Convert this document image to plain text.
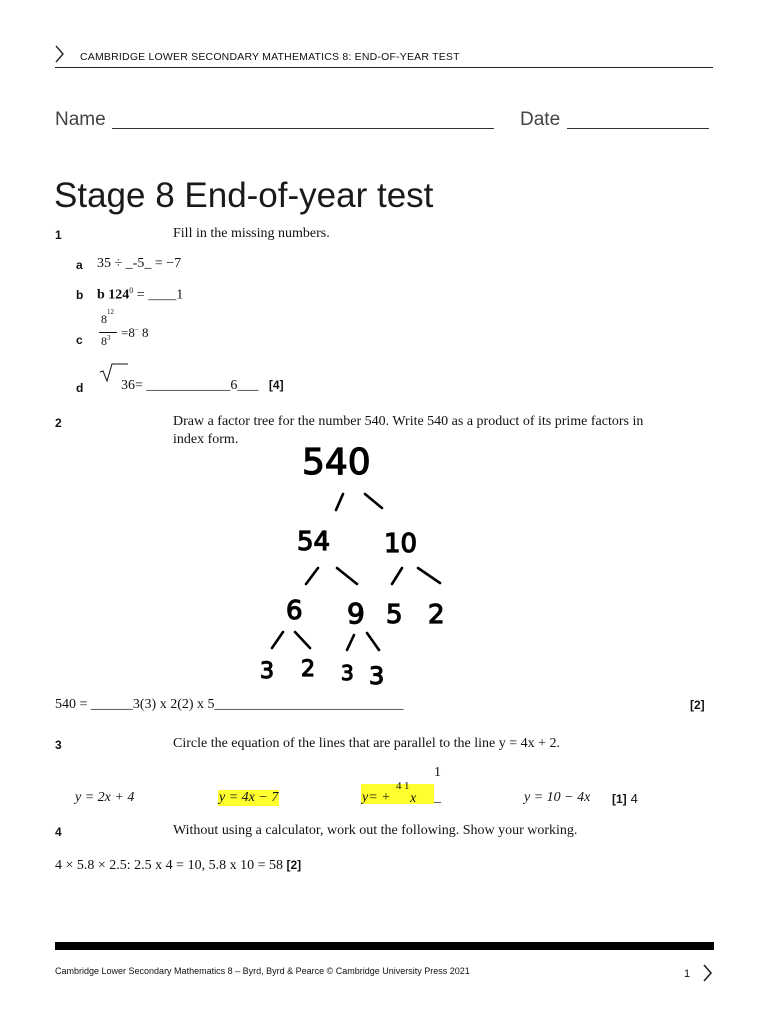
CAMBRIDGE LOWER SECONDARY MATHEMATICS 8: END-OF-YEAR TEST
Name	Date
Stage 8 End-of-year test
1	Fill in the missing numbers.
a 35 ÷ _-5_ = −7
b b $124^0$ = ____1
c
$8^{12}$
$8^3 =8^-$ 8
d	36= ____________6___ [4]
2	Draw a factor tree for the number 540. Write 540 as a product of its prime factors in
index form.
540
54 10
6 9 5 2
3 2 3 3
540 = ______3(3) x 2(2) x 5___________________________	[2]
3	Circle the equation of the lines that are parallel to the line y = 4x + 2.
1
y = 2x + 4	y = 4x − 7	y= +
4 1
x _	y = 10 − 4x [1] 4
4	Without using a calculator, work out the following. Show your working.
4 × 5.8 × 2.5: 2.5 x 4 = 10, 5.8 x 10 = 58 [2]
Cambridge Lower Secondary Mathematics 8 – Byrd, Byrd & Pearce © Cambridge University Press 2021	1
